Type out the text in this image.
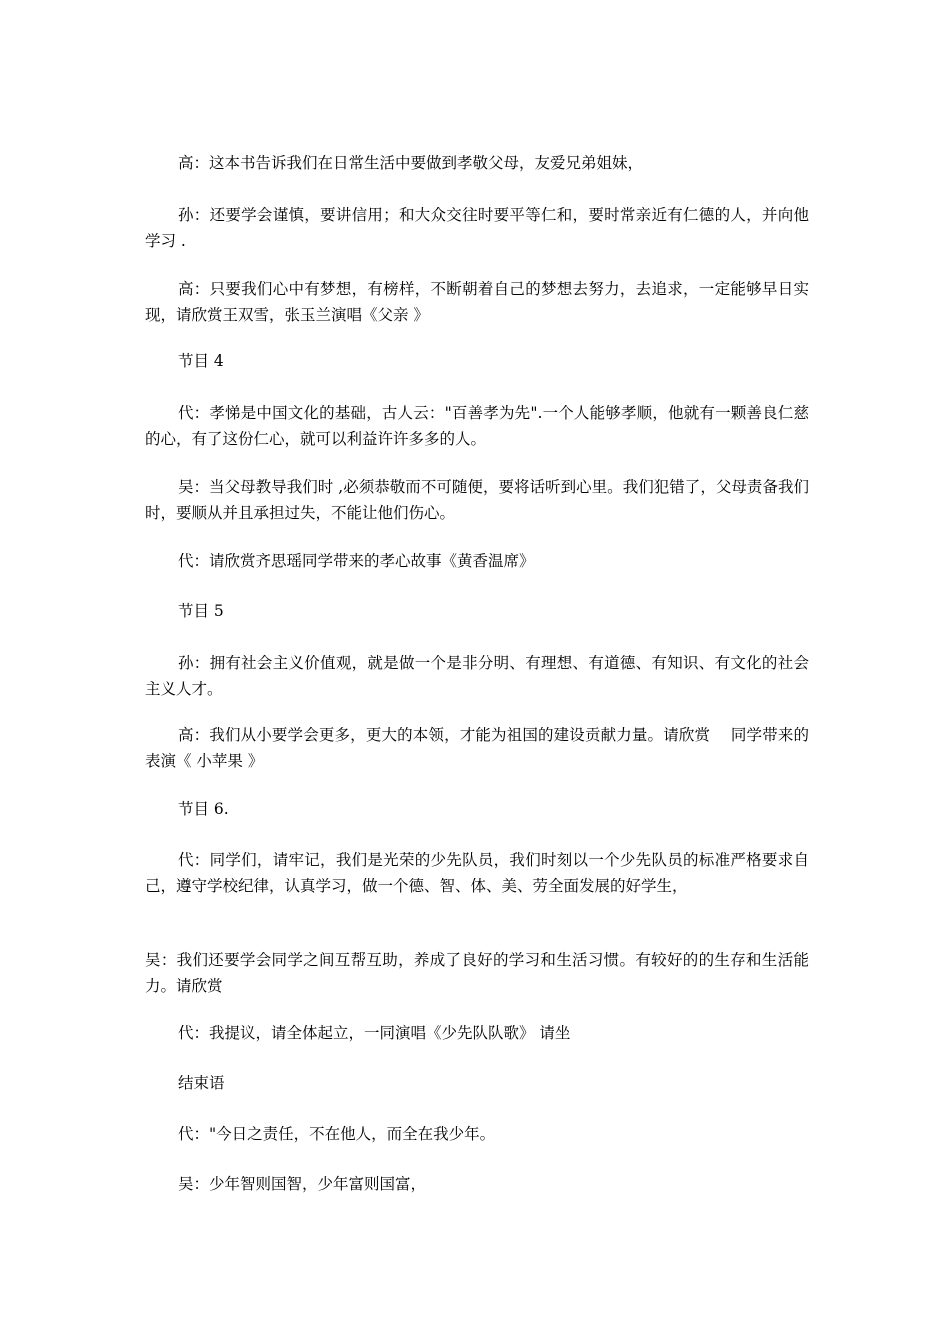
高：这本书告诉我们在日常生活中要做到孝敬父母，友爱兄弟姐妹，

孙：还要学会谨慎，要讲信用；和大众交往时要平等仁和，要时常亲近有仁德的人，并向他学习 .

高：只要我们心中有梦想，有榜样，不断朝着自己的梦想去努力，去追求，一定能够早日实现，请欣赏王双雪，张玉兰演唱《父亲 》

节目 4

代：孝悌是中国文化的基础，古人云："百善孝为先".一个人能够孝顺，他就有一颗善良仁慈的心，有了这份仁心，就可以利益许许多多的人。

吴：当父母教导我们时 ,必须恭敬而不可随便，要将话听到心里。我们犯错了，父母责备我们时，要顺从并且承担过失，不能让他们伤心。

代：请欣赏齐思瑶同学带来的孝心故事《黄香温席》

节目 5

孙：拥有社会主义价值观，就是做一个是非分明、有理想、有道德、有知识、有文化的社会主义人才。

高：我们从小要学会更多，更大的本领，才能为祖国的建设贡献力量。请欣赏　 同学带来的表演《 小苹果 》

节目 6.

代：同学们，请牢记，我们是光荣的少先队员，我们时刻以一个少先队员的标准严格要求自己，遵守学校纪律，认真学习，做一个德、智、体、美、劳全面发展的好学生，

吴：我们还要学会同学之间互帮互助，养成了良好的学习和生活习惯。有较好的的生存和生活能力。请欣赏

代：我提议，请全体起立，一同演唱《少先队队歌》 请坐

结束语

代："今日之责任，不在他人，而全在我少年。

吴：少年智则国智，少年富则国富，
